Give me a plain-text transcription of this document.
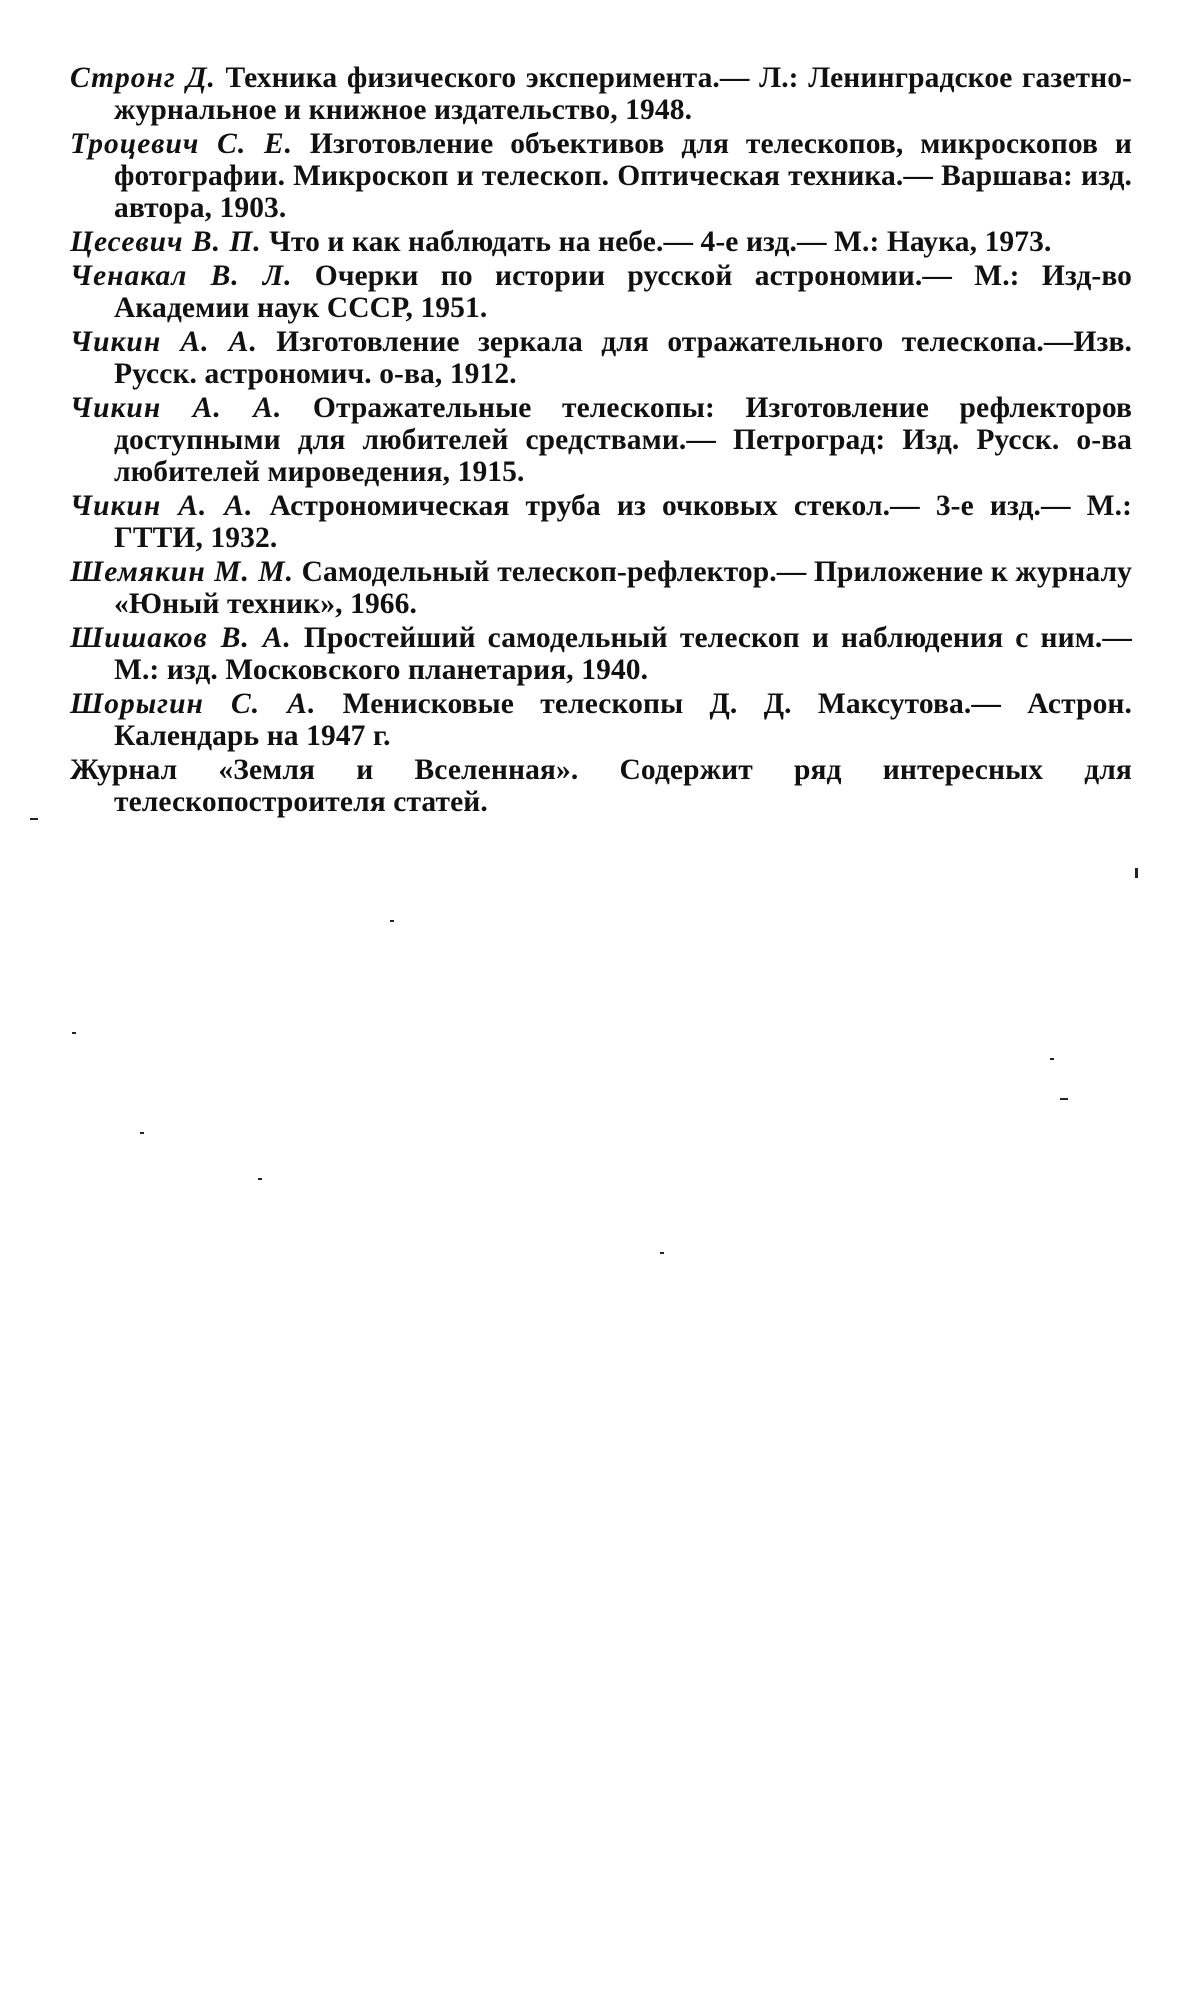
Стронг Д. Техника физического эксперимента.— Л.: Ленинградское газетно-журнальное и книжное издательство, 1948.
Троцевич С. Е. Изготовление объективов для телескопов, микроскопов и фотографии. Микроскоп и телескоп. Оптическая техника.— Варшава: изд. автора, 1903.
Цесевич В. П. Что и как наблюдать на небе.— 4-е изд.— М.: Наука, 1973.
Ченакал В. Л. Очерки по истории русской астрономии.— М.: Изд-во Академии наук СССР, 1951.
Чикин А. А. Изготовление зеркала для отражательного телескопа.—Изв. Русск. астрономич. о-ва, 1912.
Чикин А. А. Отражательные телескопы: Изготовление рефлекторов доступными для любителей средствами.— Петроград: Изд. Русск. о-ва любителей мироведения, 1915.
Чикин А. А. Астрономическая труба из очковых стекол.— 3-е изд.— М.: ГТТИ, 1932.
Шемякин М. М. Самодельный телескоп-рефлектор.— Приложение к журналу «Юный техник», 1966.
Шишаков В. А. Простейший самодельный телескоп и наблюдения с ним.— М.: изд. Московского планетария, 1940.
Шорыгин С. А. Менисковые телескопы Д. Д. Максутова.— Астрон. Календарь на 1947 г.
Журнал «Земля и Вселенная». Содержит ряд интересных для телескопостроителя статей.
